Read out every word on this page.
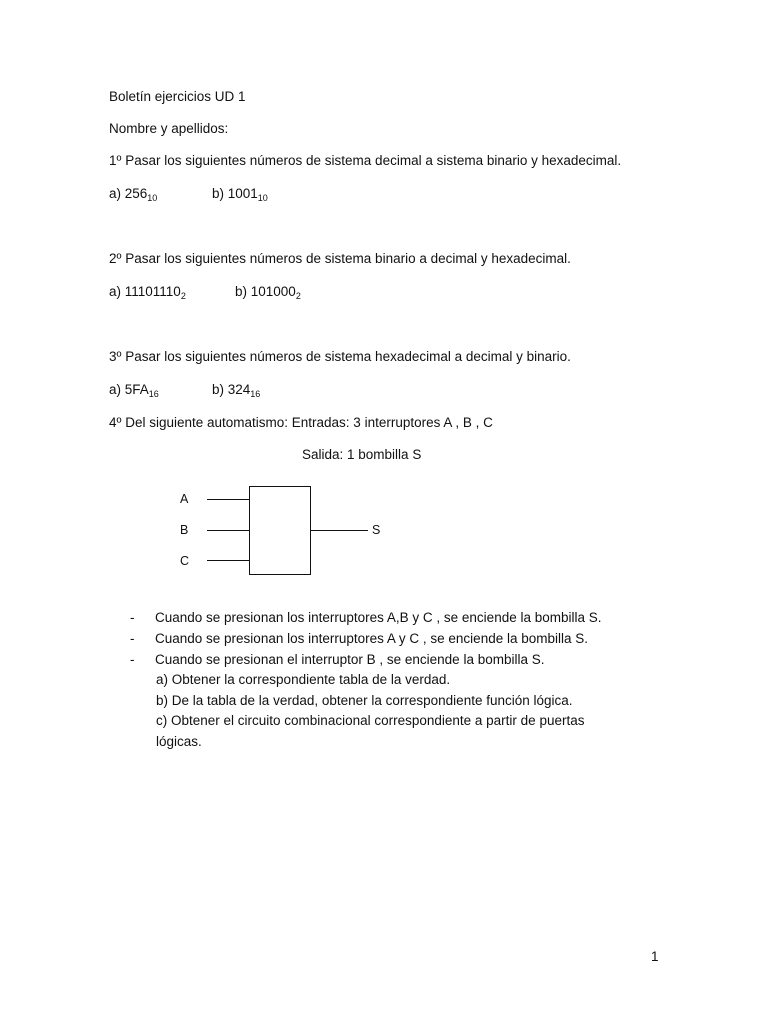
Boletín ejercicios UD 1
Nombre y apellidos:
1º Pasar los siguientes números de sistema decimal a sistema binario y hexadecimal.
a) $256_{10}$	b) $1001_{10}$
2º Pasar los siguientes números de sistema binario a decimal y hexadecimal.
a) $11101110_2$	b) $101000_2$
3º Pasar los siguientes números de sistema hexadecimal a decimal y binario.
a) $5FA_{16}$	b) $324_{16}$
4º Del siguiente automatismo: Entradas: 3 interruptores A , B , C
Salida: 1 bombilla S
A
B
C
S
- Cuando se presionan los interruptores A,B y C , se enciende la bombilla S.
- Cuando se presionan los interruptores A y C , se enciende la bombilla S.
- Cuando se presionan el interruptor B , se enciende la bombilla S.
a) Obtener la correspondiente tabla de la verdad.
b) De la tabla de la verdad, obtener la correspondiente función lógica.
c) Obtener el circuito combinacional correspondiente a partir de puertas
lógicas.
1
